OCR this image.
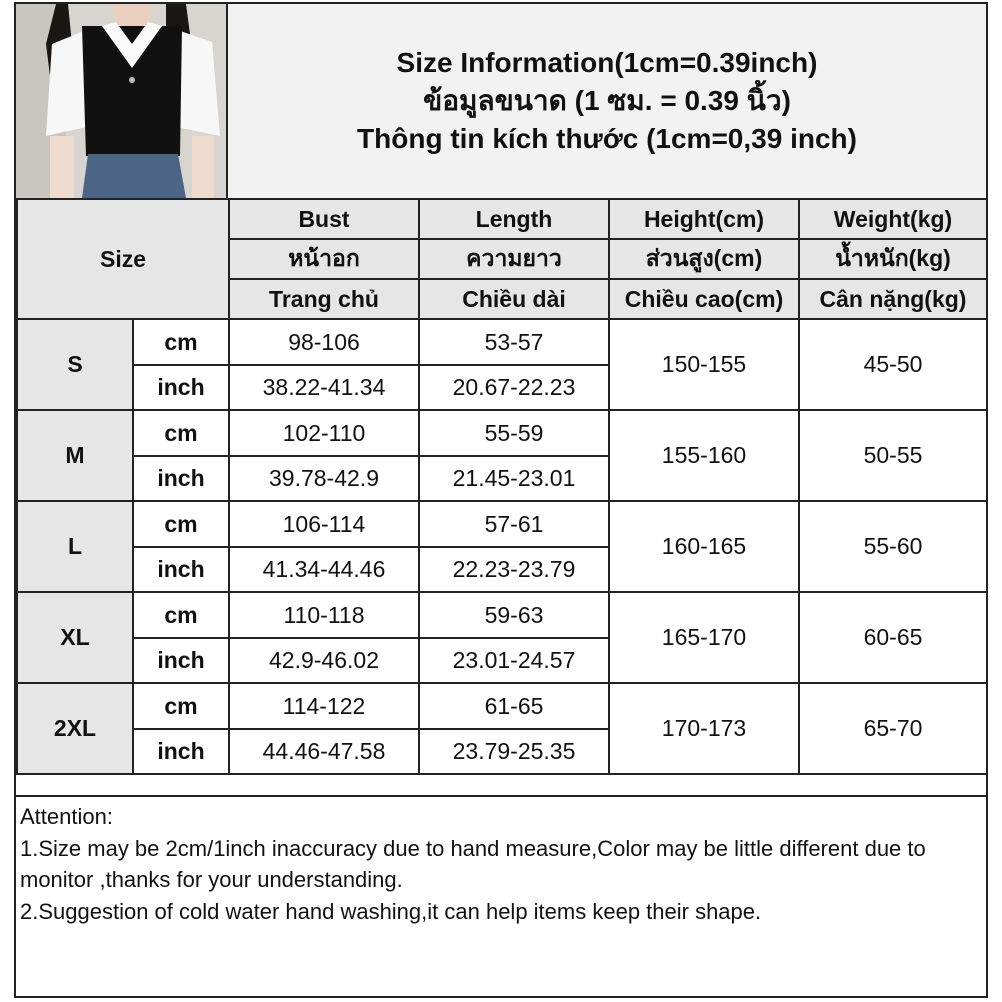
Size Information(1cm=0.39inch)
ข้อมูลขนาด (1 ซม. = 0.39 นิ้ว)
Thông tin kích thước (1cm=0,39 inch)
Size		Bust	Length	Height(cm)	Weight(kg)
		หน้าอก	ความยาว	ส่วนสูง(cm)	น้ำหนัก(kg)
		Trang chủ	Chiều dài	Chiều cao(cm)	Cân nặng(kg)
S	cm	98-106	53-57	150-155	45-50
	inch	38.22-41.34	20.67-22.23		
M	cm	102-110	55-59	155-160	50-55
	inch	39.78-42.9	21.45-23.01		
L	cm	106-114	57-61	160-165	55-60
	inch	41.34-44.46	22.23-23.79		
XL	cm	110-118	59-63	165-170	60-65
	inch	42.9-46.02	23.01-24.57		
2XL	cm	114-122	61-65	170-173	65-70
	inch	44.46-47.58	23.79-25.35		

Attention:

1.Size may be 2cm/1inch inaccuracy due to hand measure,Color may be little different due to monitor ,thanks for your understanding.

2.Suggestion of cold water hand washing,it can help items keep their shape.
